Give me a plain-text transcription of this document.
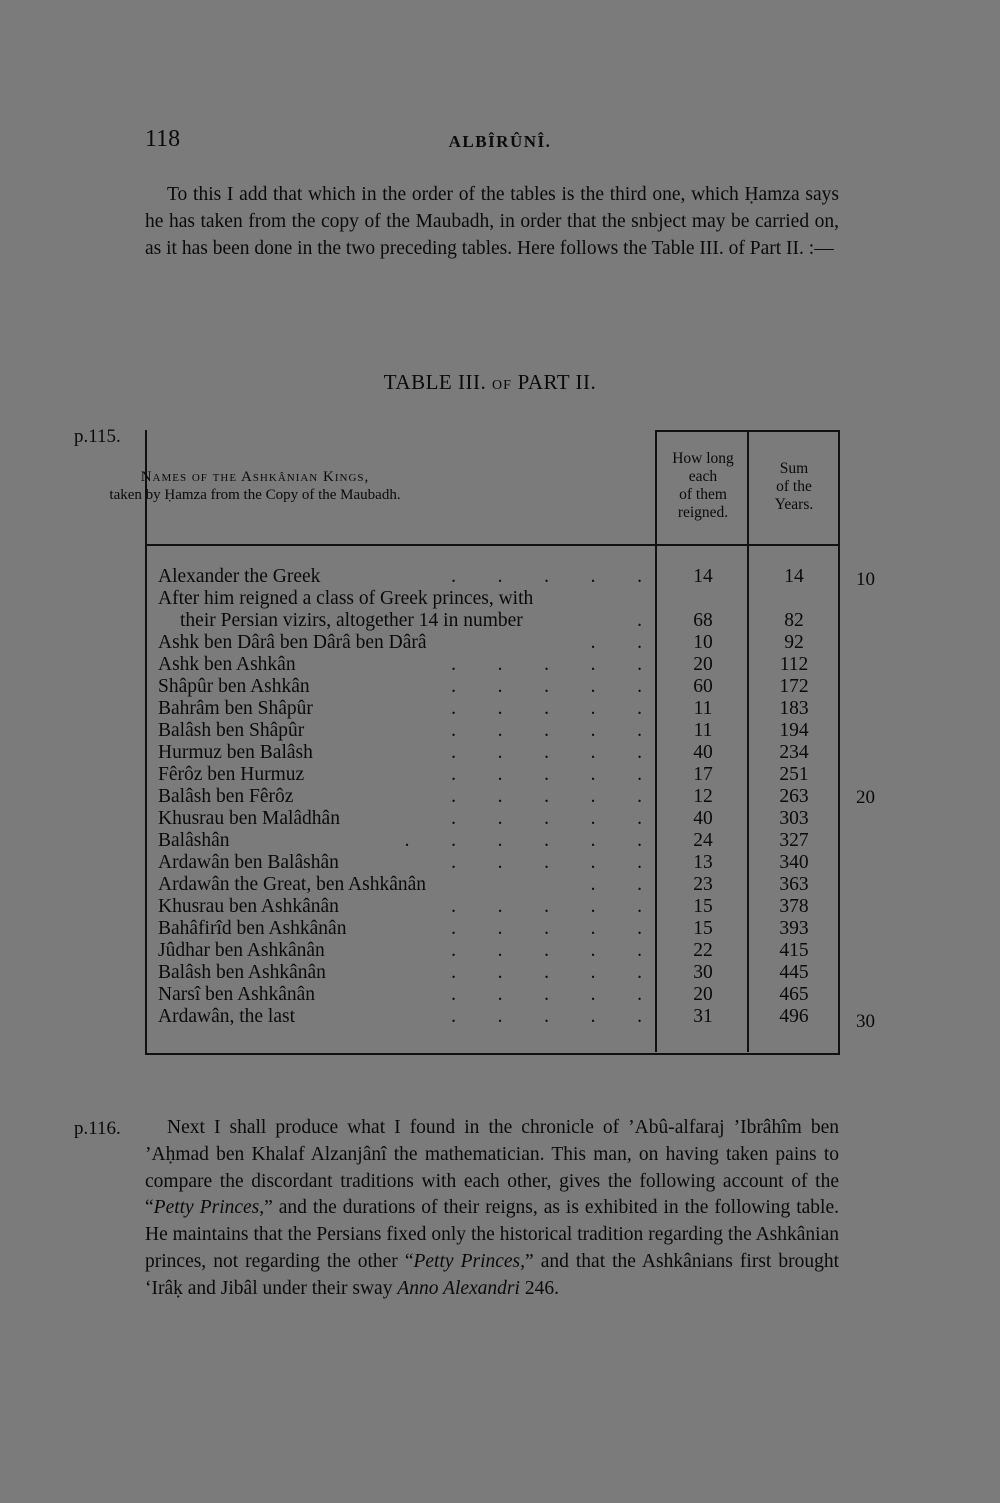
118	ALBÎRÛNÎ.

To this I add that which in the order of the tables is the third one, which Ḥamza says he has taken from the copy of the Maubadh, in order that the snbject may be carried on, as it has been done in the two preceding tables. Here follows the Table III. of Part II. :—

TABLE III. OF PART II.
p.115.
Names of the Ashkânian Kings,
taken by Ḥamza from the Copy of the Maubadh.
How long
each
of them
reigned.
Sum
of the
Years.
Alexander the Greek	. . . . .	14	14
After him reigned a class of Greek princes, with
their Persian vizirs, altogether 14 in number	.	68	82
Ashk ben Dârâ ben Dârâ ben Dârâ	. .	10	92
Ashk ben Ashkân	. . . . .	20	112
Shâpûr ben Ashkân	. . . . .	60	172
Bahrâm ben Shâpûr	. . . . .	11	183
Balâsh ben Shâpûr	. . . . .	11	194
Hurmuz ben Balâsh	. . . . .	40	234
Fêrôz ben Hurmuz	. . . . .	17	251
Balâsh ben Fêrôz	. . . . .	12	263
Khusrau ben Malâdhân	. . . . .	40	303
Balâshân	. . . . . .	24	327
Ardawân ben Balâshân	. . . . .	13	340
Ardawân the Great, ben Ashkânân	. .	23	363
Khusrau ben Ashkânân	. . . . .	15	378
Bahâfirîd ben Ashkânân	. . . . .	15	393
Jûdhar ben Ashkânân	. . . . .	22	415
Balâsh ben Ashkânân	. . . . .	30	445
Narsî ben Ashkânân	. . . . .	20	465
Ardawân, the last	. . . . .	31	496
10
20
30
p.116.	Next I shall produce what I found in the chronicle of ’Abû-alfaraj ’Ibrâhîm ben ’Aḥmad ben Khalaf Alzanjânî the mathematician. This man, on having taken pains to compare the discordant traditions with each other, gives the following account of the “Petty Princes,” and the durations of their reigns, as is exhibited in the following table. He maintains that the Persians fixed only the historical tradition regarding the Ashkânian princes, not regarding the other “Petty Princes,” and that the Ashkânians first brought ‘Irâḳ and Jibâl under their sway Anno Alexandri 246.
